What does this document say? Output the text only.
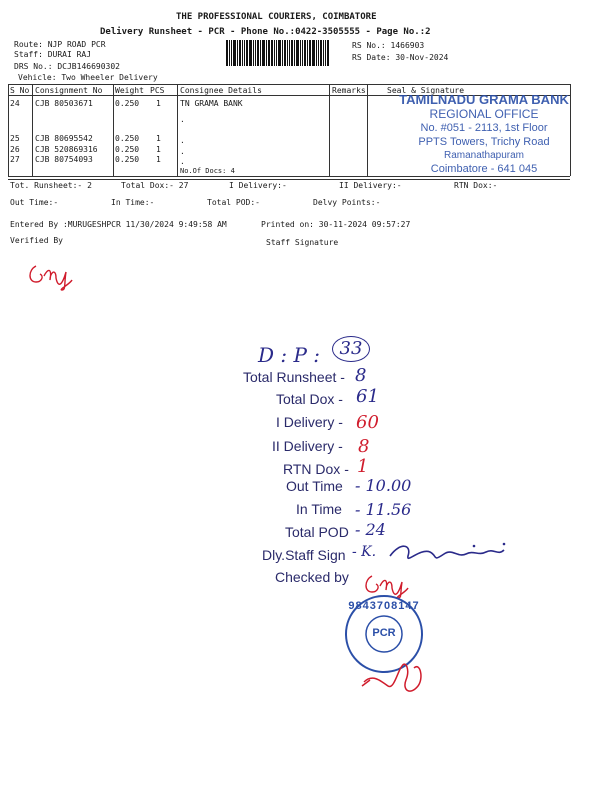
THE PROFESSIONAL COURIERS, COIMBATORE
Delivery Runsheet - PCR - Phone No.:0422-3505555 - Page No.:2
Route: NJP ROAD PCR
Staff: DURAI RAJ
DRS No.: DCJB146690302
Vehicle: Two Wheeler Delivery
RS No.: 1466903
RS Date: 30-Nov-2024
S No Consignment No Weight PCS Consignee Details	Remarks	Seal & Signature
24 CJB 80503671	0.250 1 TN GRAMA BANK
.
25 CJB 80695542	0.250 1 .
26 CJB 520869316 0.250 1 .
27 CJB 80754093	0.250 1 .
No.Of Docs: 4
TAMILNADU GRAMA BANK
REGIONAL OFFICE
No. #051 - 2113, 1st Floor
PPTS Towers, Trichy Road
Ramanathapuram
Coimbatore - 641 045
Tot. Runsheet:- 2	Total Dox:- 27	I Delivery:-	II Delivery:-	RTN Dox:-
Out Time:-	In Time:-	Total POD:-	Delvy Points:-
Entered By :MURUGESHPCR 11/30/2024 9:49:58 AM	Printed on: 30-11-2024 09:57:27
Verified By	Staff Signature
D : P :	33
Total Runsheet - 8
Total Dox - 61
I Delivery - 60
II Delivery - 8
RTN Dox - 1
Out Time - 10.00
In Time - 11.56
Total POD - 24
Dly.Staff Sign - K.
Checked by
9843708147
PCR
